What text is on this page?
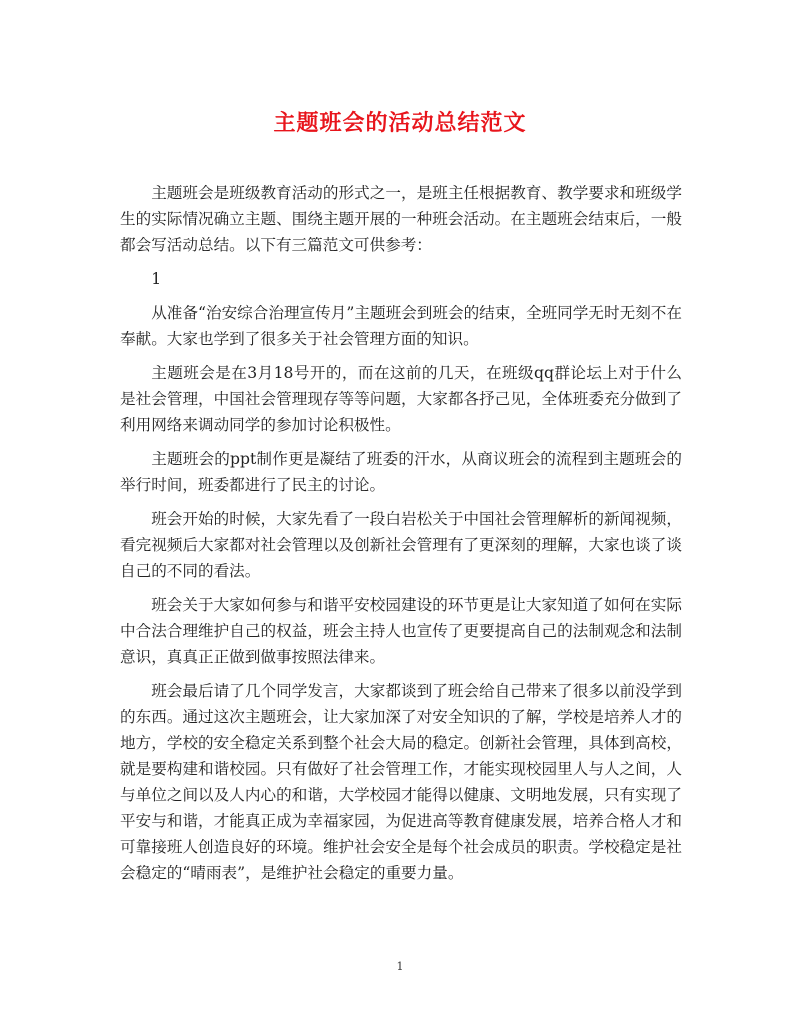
主题班会的活动总结范文

主题班会是班级教育活动的形式之一，是班主任根据教育、教学要求和班级学生的实际情况确立主题、围绕主题开展的一种班会活动。在主题班会结束后，一般都会写活动总结。以下有三篇范文可供参考：

1

从准备“治安综合治理宣传月”主题班会到班会的结束，全班同学无时无刻不在奉献。大家也学到了很多关于社会管理方面的知识。

主题班会是在3月18号开的，而在这前的几天，在班级qq群论坛上对于什么是社会管理，中国社会管理现存等等问题，大家都各抒己见，全体班委充分做到了利用网络来调动同学的参加讨论积极性。

主题班会的ppt制作更是凝结了班委的汗水，从商议班会的流程到主题班会的举行时间，班委都进行了民主的讨论。

班会开始的时候，大家先看了一段白岩松关于中国社会管理解析的新闻视频，看完视频后大家都对社会管理以及创新社会管理有了更深刻的理解，大家也谈了谈自己的不同的看法。

班会关于大家如何参与和谐平安校园建设的环节更是让大家知道了如何在实际中合法合理维护自己的权益，班会主持人也宣传了更要提高自己的法制观念和法制意识，真真正正做到做事按照法律来。

班会最后请了几个同学发言，大家都谈到了班会给自己带来了很多以前没学到的东西。通过这次主题班会，让大家加深了对安全知识的了解，学校是培养人才的地方，学校的安全稳定关系到整个社会大局的稳定。创新社会管理，具体到高校，就是要构建和谐校园。只有做好了社会管理工作，才能实现校园里人与人之间，人与单位之间以及人内心的和谐，大学校园才能得以健康、文明地发展，只有实现了平安与和谐，才能真正成为幸福家园，为促进高等教育健康发展，培养合格人才和可靠接班人创造良好的环境。维护社会安全是每个社会成员的职责。学校稳定是社会稳定的“晴雨表”，是维护社会稳定的重要力量。

1
